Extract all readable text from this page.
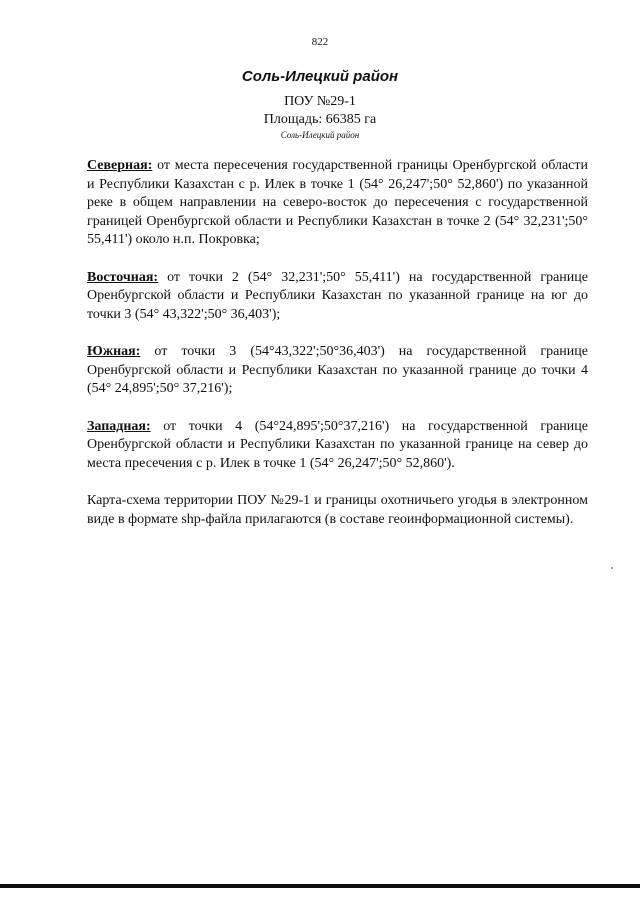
822
Соль-Илецкий район
ПОУ №29-1
Площадь: 66385 га
Соль-Илецкий район

Северная: от места пересечения государственной границы Оренбургской области и Республики Казахстан с р. Илек в точке 1 (54° 26,247';50° 52,860') по указанной реке в общем направлении на северо-восток до пересечения с государственной границей Оренбургской области и Республики Казахстан в точке 2 (54° 32,231';50° 55,411') около н.п. Покровка;

Восточная: от точки 2 (54° 32,231';50° 55,411') на государственной границе Оренбургской области и Республики Казахстан по указанной границе на юг до точки 3 (54° 43,322';50° 36,403');

Южная: от точки 3 (54°43,322';50°36,403') на государственной границе Оренбургской области и Республики Казахстан по указанной границе до точки 4 (54° 24,895';50° 37,216');

Западная: от точки 4 (54°24,895';50°37,216') на государственной границе Оренбургской области и Республики Казахстан по указанной границе на север до места пресечения с р. Илек в точке 1 (54° 26,247';50° 52,860').

Карта-схема территории ПОУ №29-1 и границы охотничьего угодья в электронном виде в формате shp-файла прилагаются (в составе геоинформационной системы).
